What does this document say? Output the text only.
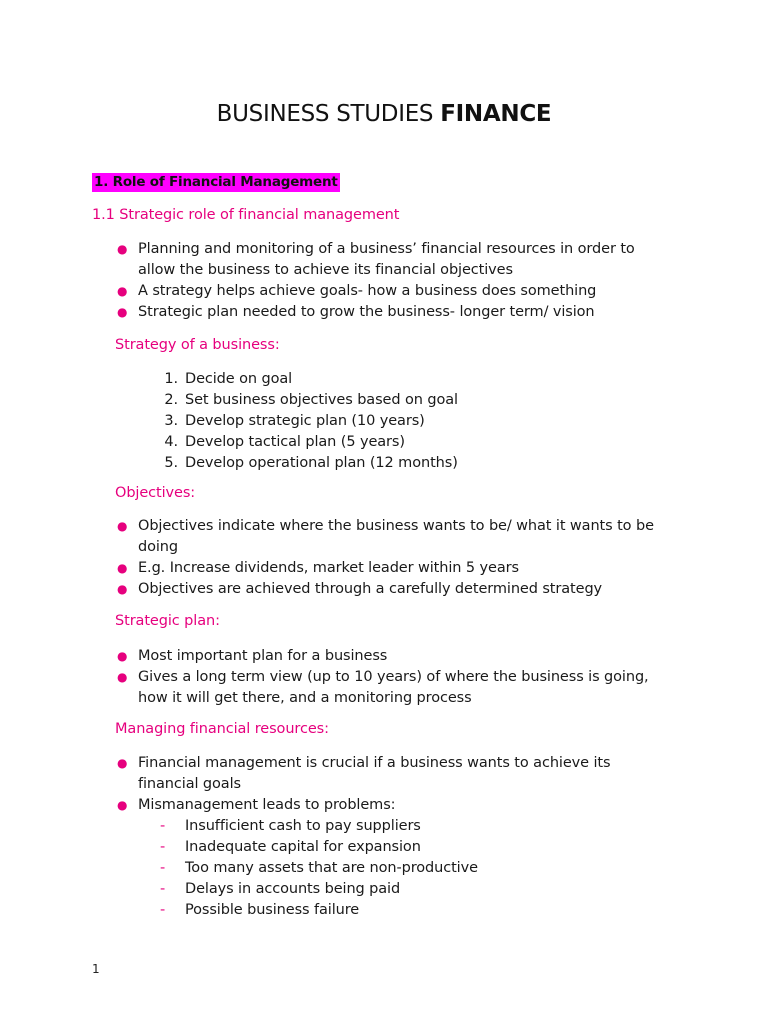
BUSINESS STUDIES FINANCE
1. Role of Financial Management
1.1 Strategic role of financial management
● Planning and monitoring of a business’ financial resources in order to allow the business to achieve its financial objectives
● A strategy helps achieve goals- how a business does something
● Strategic plan needed to grow the business- longer term/ vision
Strategy of a business:
1. Decide on goal
2. Set business objectives based on goal
3. Develop strategic plan (10 years)
4. Develop tactical plan (5 years)
5. Develop operational plan (12 months)
Objectives:
● Objectives indicate where the business wants to be/ what it wants to be doing
● E.g. Increase dividends, market leader within 5 years
● Objectives are achieved through a carefully determined strategy
Strategic plan:
● Most important plan for a business
● Gives a long term view (up to 10 years) of where the business is going, how it will get there, and a monitoring process
Managing financial resources:
● Financial management is crucial if a business wants to achieve its financial goals
● Mismanagement leads to problems:
- Insufficient cash to pay suppliers
- Inadequate capital for expansion
- Too many assets that are non-productive
- Delays in accounts being paid
- Possible business failure
1
